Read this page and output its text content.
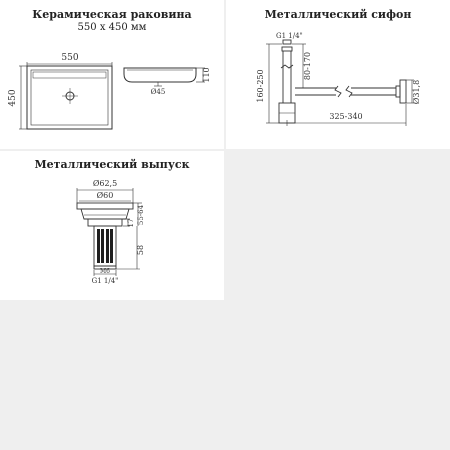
Керамическая раковина
550 х 450 мм
550
450
110
Ø45
Металлический сифон
G1 1/4"
160-250
80-170
Ø31,8
325-340
Металлический выпуск
Ø62,5
Ø60
17 55-64
58
M6
G1 1/4"
